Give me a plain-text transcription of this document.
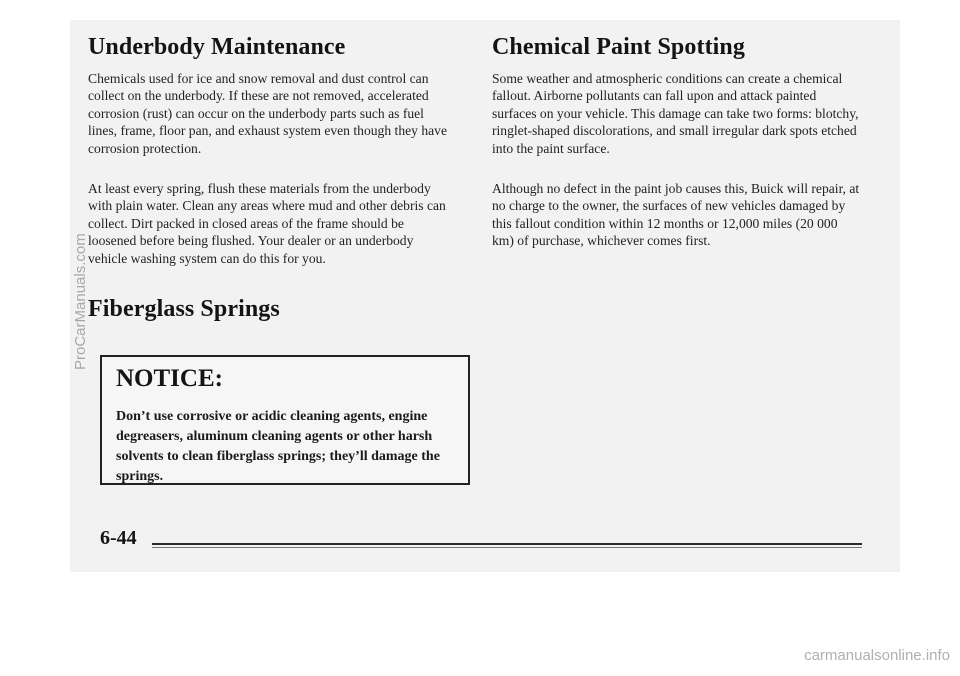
Underbody Maintenance

Chemicals used for ice and snow removal and dust control can collect on the underbody. If these are not removed, accelerated corrosion (rust) can occur on the underbody parts such as fuel lines, frame, floor pan, and exhaust system even though they have corrosion protection.

At least every spring, flush these materials from the underbody with plain water. Clean any areas where mud and other debris can collect. Dirt packed in closed areas of the frame should be loosened before being flushed. Your dealer or an underbody vehicle washing system can do this for you.

Fiberglass Springs
NOTICE:
Don’t use corrosive or acidic cleaning agents, engine degreasers, aluminum cleaning agents or other harsh solvents to clean fiberglass springs; they’ll damage the springs.
Chemical Paint Spotting

Some weather and atmospheric conditions can create a chemical fallout. Airborne pollutants can fall upon and attack painted surfaces on your vehicle. This damage can take two forms: blotchy, ringlet-shaped discolorations, and small irregular dark spots etched into the paint surface.

Although no defect in the paint job causes this, Buick will repair, at no charge to the owner, the surfaces of new vehicles damaged by this fallout condition within 12 months or 12,000 miles (20 000 km) of purchase, whichever comes first.

6-44
ProCarManuals.com
carmanualsonline.info
